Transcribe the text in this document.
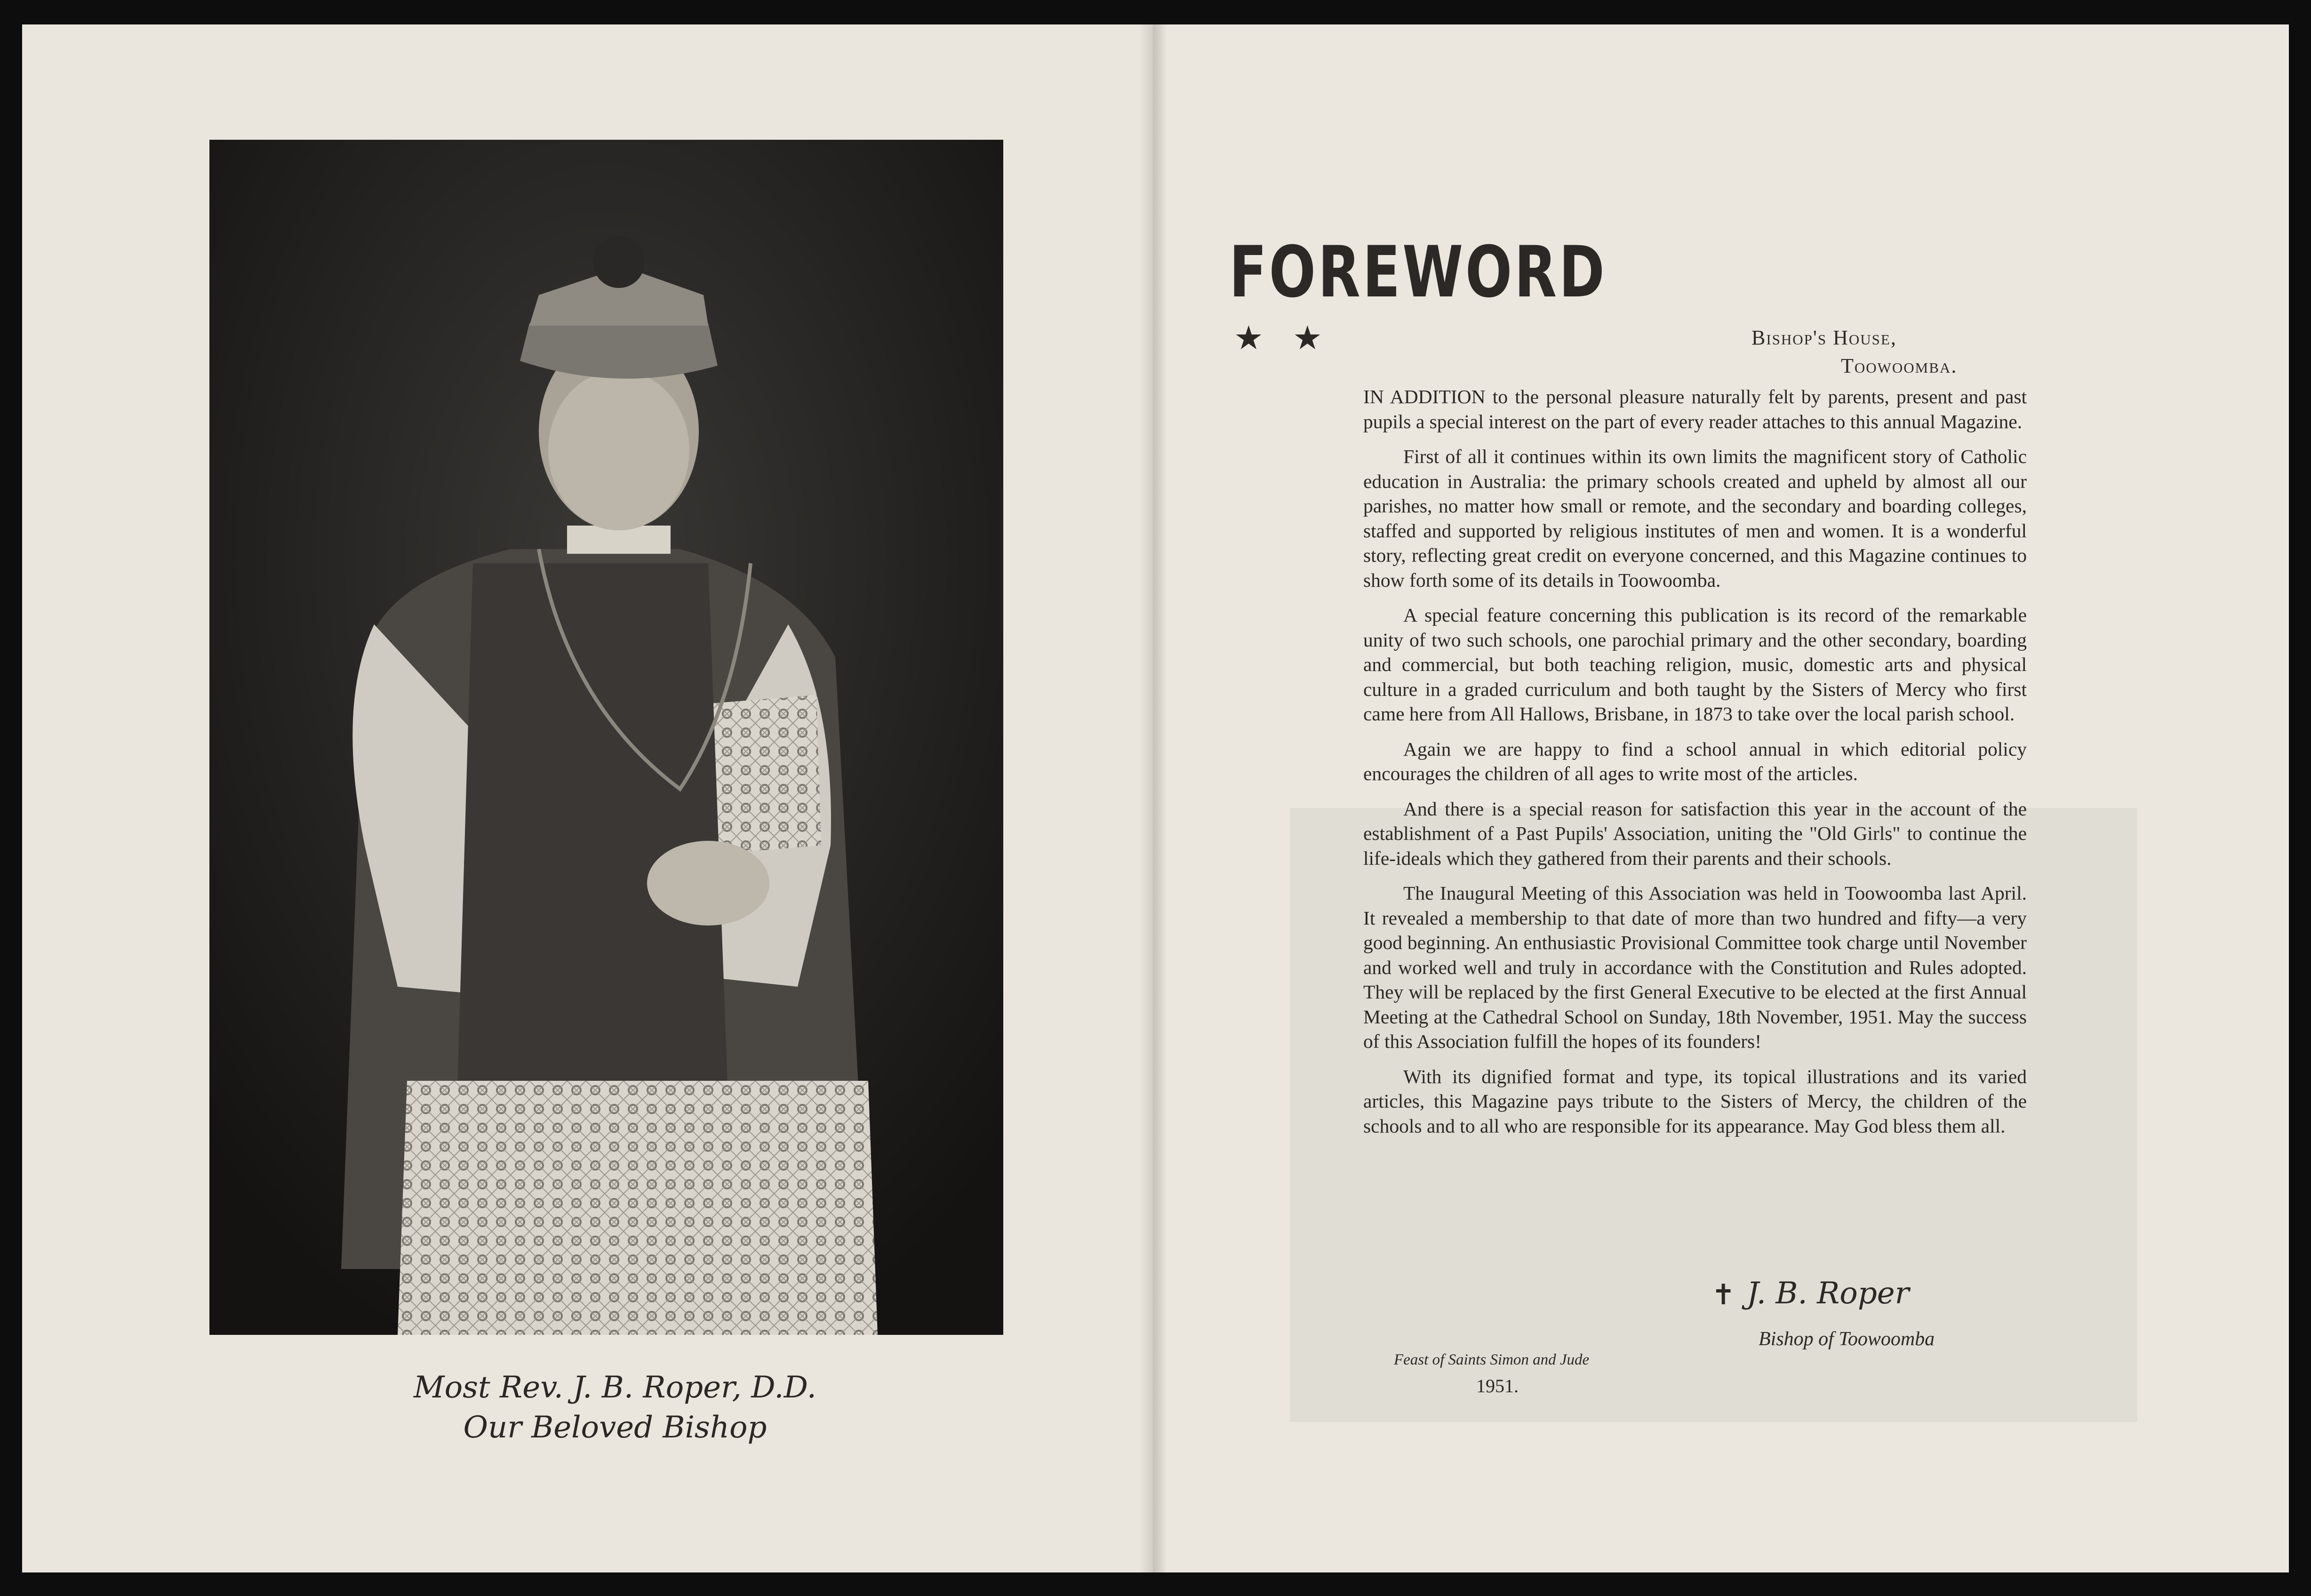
Most Rev. J. B. Roper, D.D.
Our Beloved Bishop
FOREWORD
★ ★	Bishop's House,
Toowoomba.

IN ADDITION to the personal pleasure naturally felt by parents, present and past pupils a special interest on the part of every reader attaches to this annual Magazine.

First of all it continues within its own limits the magnificent story of Catholic education in Australia: the primary schools created and upheld by almost all our parishes, no matter how small or remote, and the secondary and boarding colleges, staffed and supported by religious institutes of men and women. It is a wonderful story, reflecting great credit on everyone concerned, and this Magazine continues to show forth some of its details in Toowoomba.

A special feature concerning this publication is its record of the remarkable unity of two such schools, one parochial primary and the other secondary, boarding and commercial, but both teaching religion, music, domestic arts and physical culture in a graded curriculum and both taught by the Sisters of Mercy who first came here from All Hallows, Brisbane, in 1873 to take over the local parish school.

Again we are happy to find a school annual in which editorial policy encourages the children of all ages to write most of the articles.

And there is a special reason for satisfaction this year in the account of the establishment of a Past Pupils' Association, uniting the "Old Girls" to continue the life-ideals which they gathered from their parents and their schools.

The Inaugural Meeting of this Association was held in Toowoomba last April. It revealed a membership to that date of more than two hundred and fifty—a very good beginning. An enthusiastic Provisional Committee took charge until November and worked well and truly in accordance with the Constitution and Rules adopted. They will be replaced by the first General Executive to be elected at the first Annual Meeting at the Cathedral School on Sunday, 18th November, 1951. May the success of this Association fulfill the hopes of its founders!

With its dignified format and type, its topical illustrations and its varied articles, this Magazine pays tribute to the Sisters of Mercy, the children of the schools and to all who are responsible for its appearance. May God bless them all.

✝ J. B. Roper
Bishop of Toowoomba
Feast of Saints Simon and Jude
1951.
